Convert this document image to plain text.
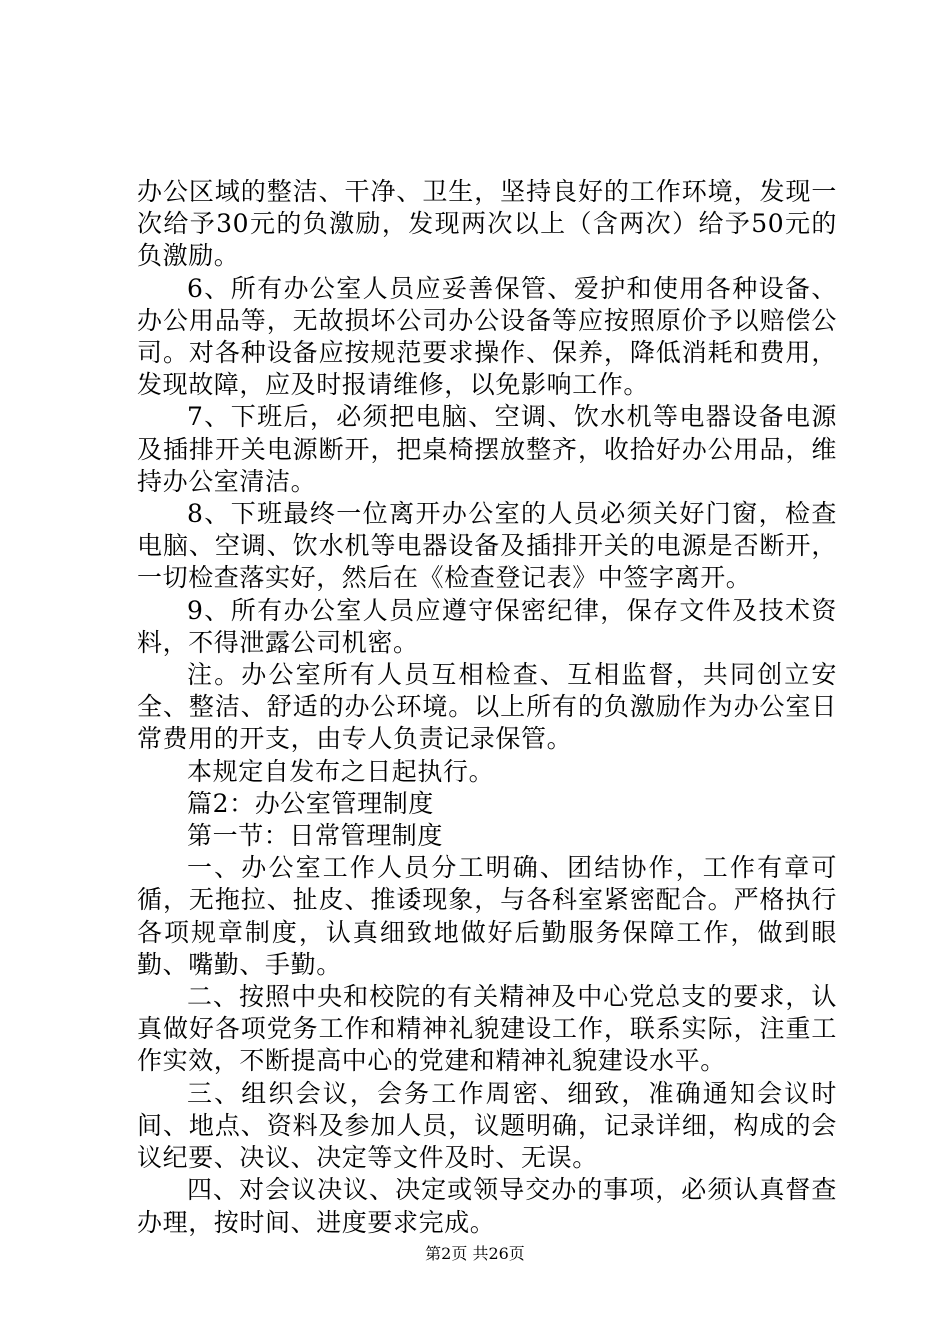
办公区域的整洁、干净、卫生，坚持良好的工作环境，发现一次给予30元的负激励，发现两次以上（含两次）给予50元的负激励。

6、所有办公室人员应妥善保管、爱护和使用各种设备、办公用品等，无故损坏公司办公设备等应按照原价予以赔偿公司。对各种设备应按规范要求操作、保养，降低消耗和费用，发现故障，应及时报请维修，以免影响工作。

7、下班后，必须把电脑、空调、饮水机等电器设备电源及插排开关电源断开，把桌椅摆放整齐，收拾好办公用品，维持办公室清洁。

8、下班最终一位离开办公室的人员必须关好门窗，检查电脑、空调、饮水机等电器设备及插排开关的电源是否断开，一切检查落实好，然后在《检查登记表》中签字离开。

9、所有办公室人员应遵守保密纪律，保存文件及技术资料，不得泄露公司机密。

注。办公室所有人员互相检查、互相监督，共同创立安全、整洁、舒适的办公环境。以上所有的负激励作为办公室日常费用的开支，由专人负责记录保管。

本规定自发布之日起执行。

篇2：办公室管理制度

第一节：日常管理制度

一、办公室工作人员分工明确、团结协作，工作有章可循，无拖拉、扯皮、推诿现象，与各科室紧密配合。严格执行各项规章制度，认真细致地做好后勤服务保障工作，做到眼勤、嘴勤、手勤。

二、按照中央和校院的有关精神及中心党总支的要求，认真做好各项党务工作和精神礼貌建设工作，联系实际，注重工作实效，不断提高中心的党建和精神礼貌建设水平。

三、组织会议，会务工作周密、细致，准确通知会议时间、地点、资料及参加人员，议题明确，记录详细，构成的会议纪要、决议、决定等文件及时、无误。

四、对会议决议、决定或领导交办的事项，必须认真督查办理，按时间、进度要求完成。

第2页 共26页
